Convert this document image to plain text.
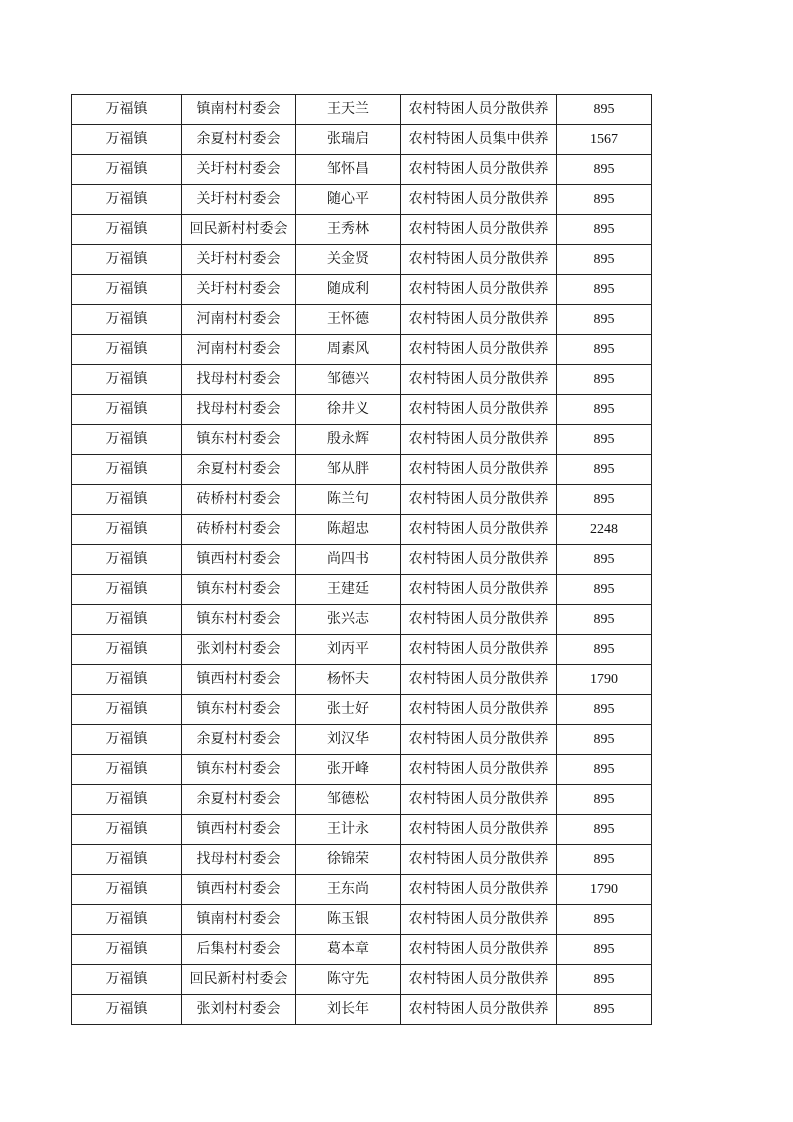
万福镇	镇南村村委会	王天兰	农村特困人员分散供养	895
万福镇	余夏村村委会	张瑞启	农村特困人员集中供养	1567
万福镇	关圩村村委会	邹怀昌	农村特困人员分散供养	895
万福镇	关圩村村委会	随心平	农村特困人员分散供养	895
万福镇	回民新村村委会	王秀林	农村特困人员分散供养	895
万福镇	关圩村村委会	关金贤	农村特困人员分散供养	895
万福镇	关圩村村委会	随成利	农村特困人员分散供养	895
万福镇	河南村村委会	王怀德	农村特困人员分散供养	895
万福镇	河南村村委会	周素风	农村特困人员分散供养	895
万福镇	找母村村委会	邹德兴	农村特困人员分散供养	895
万福镇	找母村村委会	徐井义	农村特困人员分散供养	895
万福镇	镇东村村委会	殷永辉	农村特困人员分散供养	895
万福镇	余夏村村委会	邹从胖	农村特困人员分散供养	895
万福镇	砖桥村村委会	陈兰句	农村特困人员分散供养	895
万福镇	砖桥村村委会	陈超忠	农村特困人员分散供养	2248
万福镇	镇西村村委会	尚四书	农村特困人员分散供养	895
万福镇	镇东村村委会	王建廷	农村特困人员分散供养	895
万福镇	镇东村村委会	张兴志	农村特困人员分散供养	895
万福镇	张刘村村委会	刘丙平	农村特困人员分散供养	895
万福镇	镇西村村委会	杨怀夫	农村特困人员分散供养	1790
万福镇	镇东村村委会	张士好	农村特困人员分散供养	895
万福镇	余夏村村委会	刘汉华	农村特困人员分散供养	895
万福镇	镇东村村委会	张开峰	农村特困人员分散供养	895
万福镇	余夏村村委会	邹德松	农村特困人员分散供养	895
万福镇	镇西村村委会	王计永	农村特困人员分散供养	895
万福镇	找母村村委会	徐锦荣	农村特困人员分散供养	895
万福镇	镇西村村委会	王东尚	农村特困人员分散供养	1790
万福镇	镇南村村委会	陈玉银	农村特困人员分散供养	895
万福镇	后集村村委会	葛本章	农村特困人员分散供养	895
万福镇	回民新村村委会	陈守先	农村特困人员分散供养	895
万福镇	张刘村村委会	刘长年	农村特困人员分散供养	895
